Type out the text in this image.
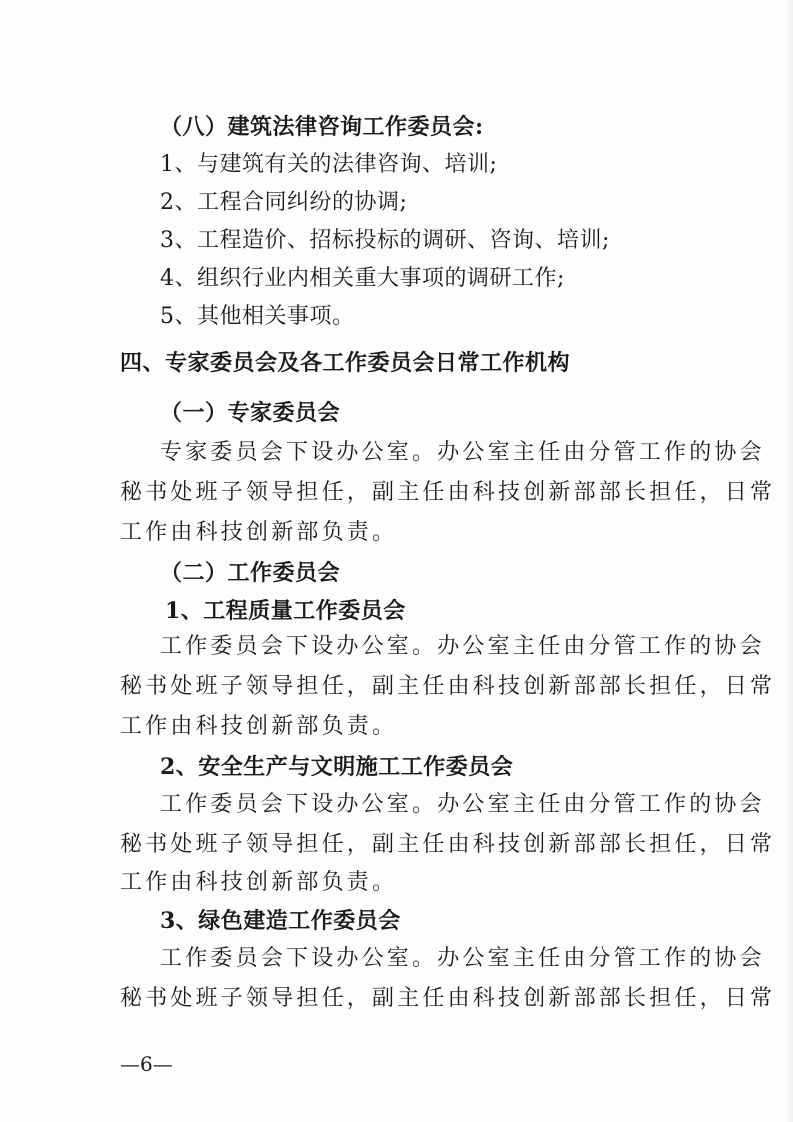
（八）建筑法律咨询工作委员会:
1、与建筑有关的法律咨询、培训;
2、工程合同纠纷的协调;
3、工程造价、招标投标的调研、咨询、培训;
4、组织行业内相关重大事项的调研工作;
5、其他相关事项。
四、专家委员会及各工作委员会日常工作机构
（一）专家委员会
专家委员会下设办公室。办公室主任由分管工作的协会
秘书处班子领导担任，副主任由科技创新部部长担任，日常
工作由科技创新部负责。
（二）工作委员会
1、工程质量工作委员会
工作委员会下设办公室。办公室主任由分管工作的协会
秘书处班子领导担任，副主任由科技创新部部长担任，日常
工作由科技创新部负责。
2、安全生产与文明施工工作委员会
工作委员会下设办公室。办公室主任由分管工作的协会
秘书处班子领导担任，副主任由科技创新部部长担任，日常
工作由科技创新部负责。
3、绿色建造工作委员会
工作委员会下设办公室。办公室主任由分管工作的协会
秘书处班子领导担任，副主任由科技创新部部长担任，日常
—6—
